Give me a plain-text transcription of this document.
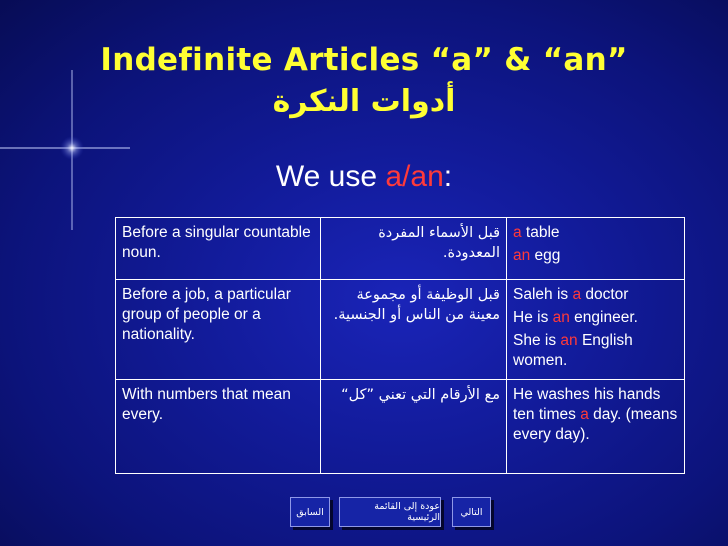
Indefinite Articles “a” & “an”
أدوات النكرة
We use a/an:
Before a singular countable noun.	قبل الأسماء المفردة المعدودة.	a table

an egg

Before a job, a particular group of people or a nationality.	قبل الوظيفة أو مجموعة معينة من الناس أو الجنسية.	Saleh is a doctor

He is an engineer.

She is an English women.

With numbers that mean every.	مع الأرقام التي تعني ”كل“	He washes his hands ten times a day. (means every day).

السابق	عودة إلى القائمة الرئيسية	التالي
